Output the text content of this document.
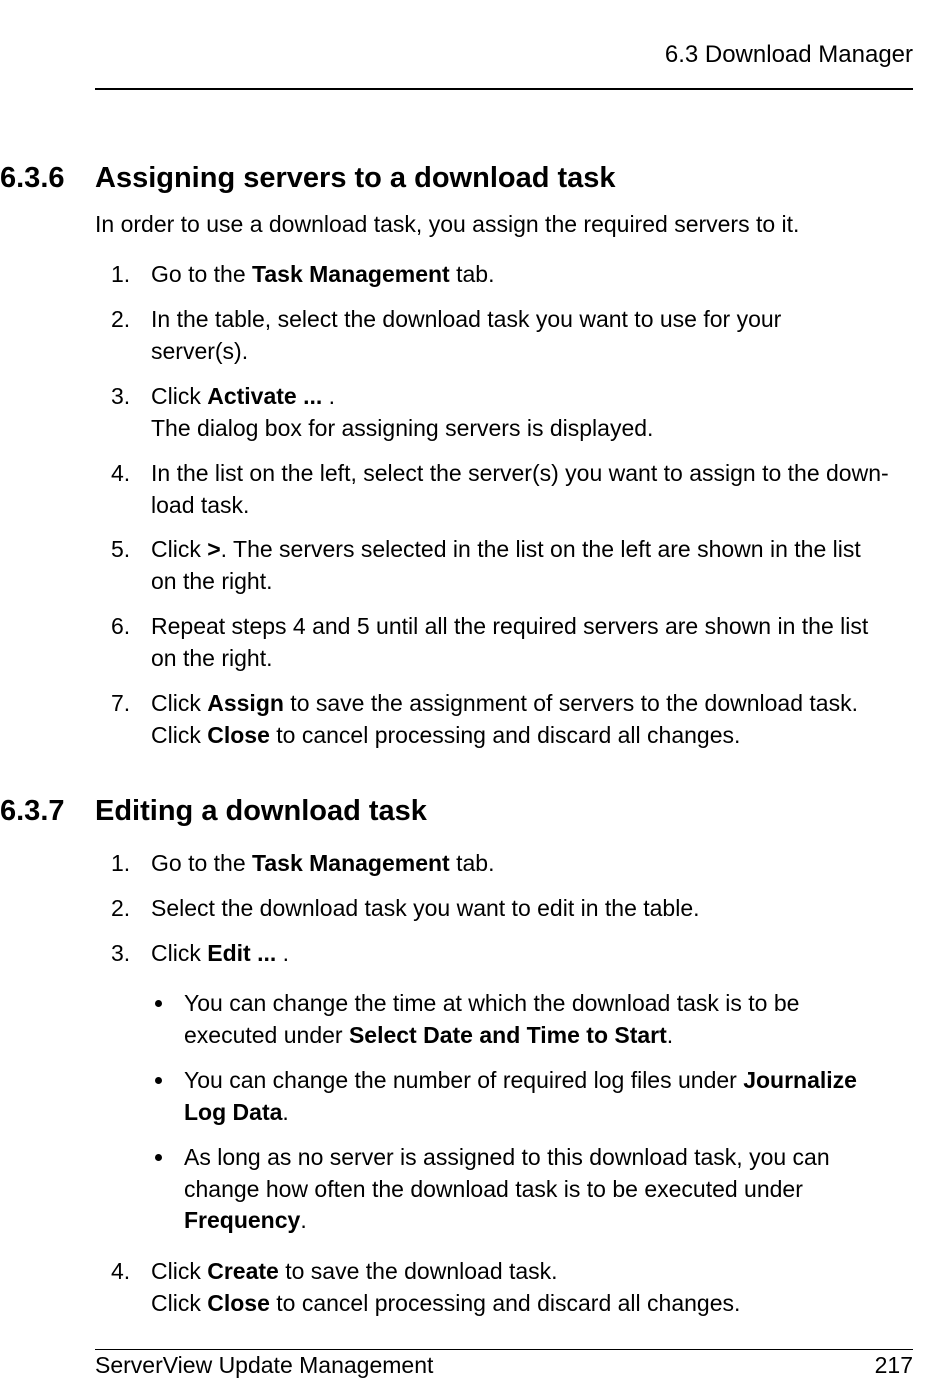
6.3 Download Manager
6.3.6 Assigning servers to a download task
In order to use a download task, you assign the required servers to it.
1. Go to the Task Management tab.
2. In the table, select the download task you want to use for your
server(s).
3. Click Activate ... .
The dialog box for assigning servers is displayed.
4. In the list on the left, select the server(s) you want to assign to the down-
load task.
5. Click >. The servers selected in the list on the left are shown in the list
on the right.
6. Repeat steps 4 and 5 until all the required servers are shown in the list
on the right.
7. Click Assign to save the assignment of servers to the download task.
Click Close to cancel processing and discard all changes.
6.3.7 Editing a download task
1. Go to the Task Management tab.
2. Select the download task you want to edit in the table.
3. Click Edit ... .
You can change the time at which the download task is to be
executed under Select Date and Time to Start.
You can change the number of required log files under Journalize
Log Data.
As long as no server is assigned to this download task, you can
change how often the download task is to be executed under
Frequency.
4. Click Create to save the download task.
Click Close to cancel processing and discard all changes.
ServerView Update Management	217
